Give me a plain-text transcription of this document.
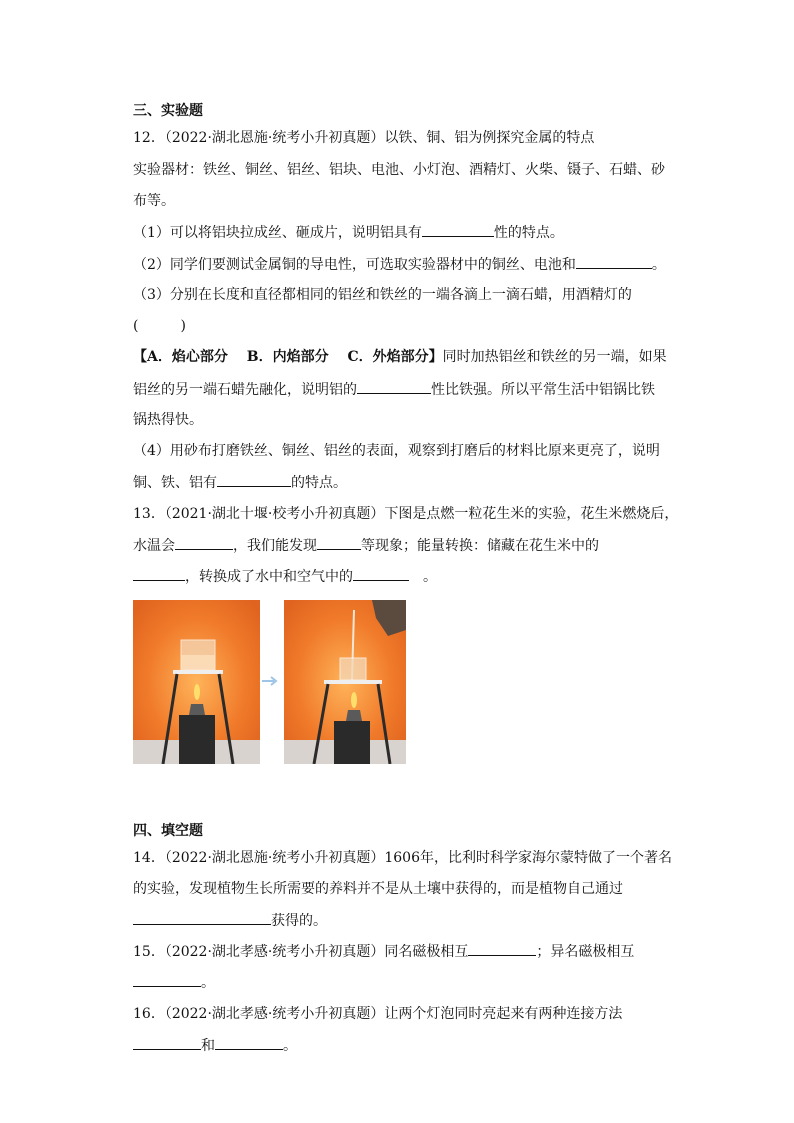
三、实验题
12．（2022·湖北恩施·统考小升初真题）以铁、铜、铝为例探究金属的特点
实验器材：铁丝、铜丝、铝丝、铝块、电池、小灯泡、酒精灯、火柴、镊子、石蜡、砂
布等。
（1）可以将铝块拉成丝、砸成片，说明铝具有	性的特点。
（2）同学们要测试金属铜的导电性，可选取实验器材中的铜丝、电池和	。
（3）分别在长度和直径都相同的铝丝和铁丝的一端各滴上一滴石蜡，用酒精灯的
(　　　)
【A．焰心部分　 B．内焰部分　 C．外焰部分】同时加热铝丝和铁丝的另一端，如果
铝丝的另一端石蜡先融化，说明铝的	性比铁强。所以平常生活中铝锅比铁
锅热得快。
（4）用砂布打磨铁丝、铜丝、铝丝的表面，观察到打磨后的材料比原来更亮了，说明
铜、铁、铝有	的特点。
13．（2021·湖北十堰·校考小升初真题）下图是点燃一粒花生米的实验，花生米燃烧后，
水温会	，我们能发现	等现象；能量转换：储藏在花生米中的
，转换成了水中和空气中的	　。
四、填空题
14．（2022·湖北恩施·统考小升初真题）1606年，比利时科学家海尔蒙特做了一个著名
的实验，发现植物生长所需要的养料并不是从土壤中获得的，而是植物自己通过
获得的。
15．（2022·湖北孝感·统考小升初真题）同名磁极相互	；异名磁极相互
。
16．（2022·湖北孝感·统考小升初真题）让两个灯泡同时亮起来有两种连接方法
和	。
